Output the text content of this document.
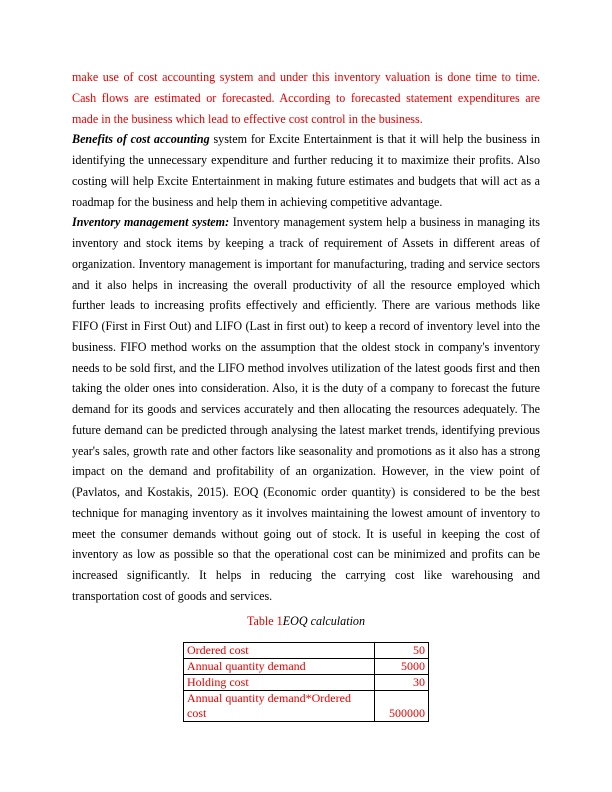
make use of cost accounting system and under this inventory valuation is done time to time. Cash flows are estimated or forecasted. According to forecasted statement expenditures are made in the business which lead to effective cost control in the business.

Benefits of cost accounting system for Excite Entertainment is that it will help the business in identifying the unnecessary expenditure and further reducing it to maximize their profits. Also costing will help Excite Entertainment in making future estimates and budgets that will act as a roadmap for the business and help them in achieving competitive advantage.

Inventory management system: Inventory management system help a business in managing its inventory and stock items by keeping a track of requirement of Assets in different areas of organization. Inventory management is important for manufacturing, trading and service sectors and it also helps in increasing the overall productivity of all the resource employed which further leads to increasing profits effectively and efficiently. There are various methods like FIFO (First in First Out) and LIFO (Last in first out) to keep a record of inventory level into the business. FIFO method works on the assumption that the oldest stock in company's inventory needs to be sold first, and the LIFO method involves utilization of the latest goods first and then taking the older ones into consideration. Also, it is the duty of a company to forecast the future demand for its goods and services accurately and then allocating the resources adequately. The future demand can be predicted through analysing the latest market trends, identifying previous year's sales, growth rate and other factors like seasonality and promotions as it also has a strong impact on the demand and profitability of an organization. However, in the view point of (Pavlatos, and Kostakis, 2015). EOQ (Economic order quantity) is considered to be the best technique for managing inventory as it involves maintaining the lowest amount of inventory to meet the consumer demands without going out of stock. It is useful in keeping the cost of inventory as low as possible so that the operational cost can be minimized and profits can be increased significantly. It helps in reducing the carrying cost like warehousing and transportation cost of goods and services.

Table 1EOQ calculation
Ordered cost	50
Annual quantity demand	5000
Holding cost	30
Annual quantity demand*Ordered cost	500000
